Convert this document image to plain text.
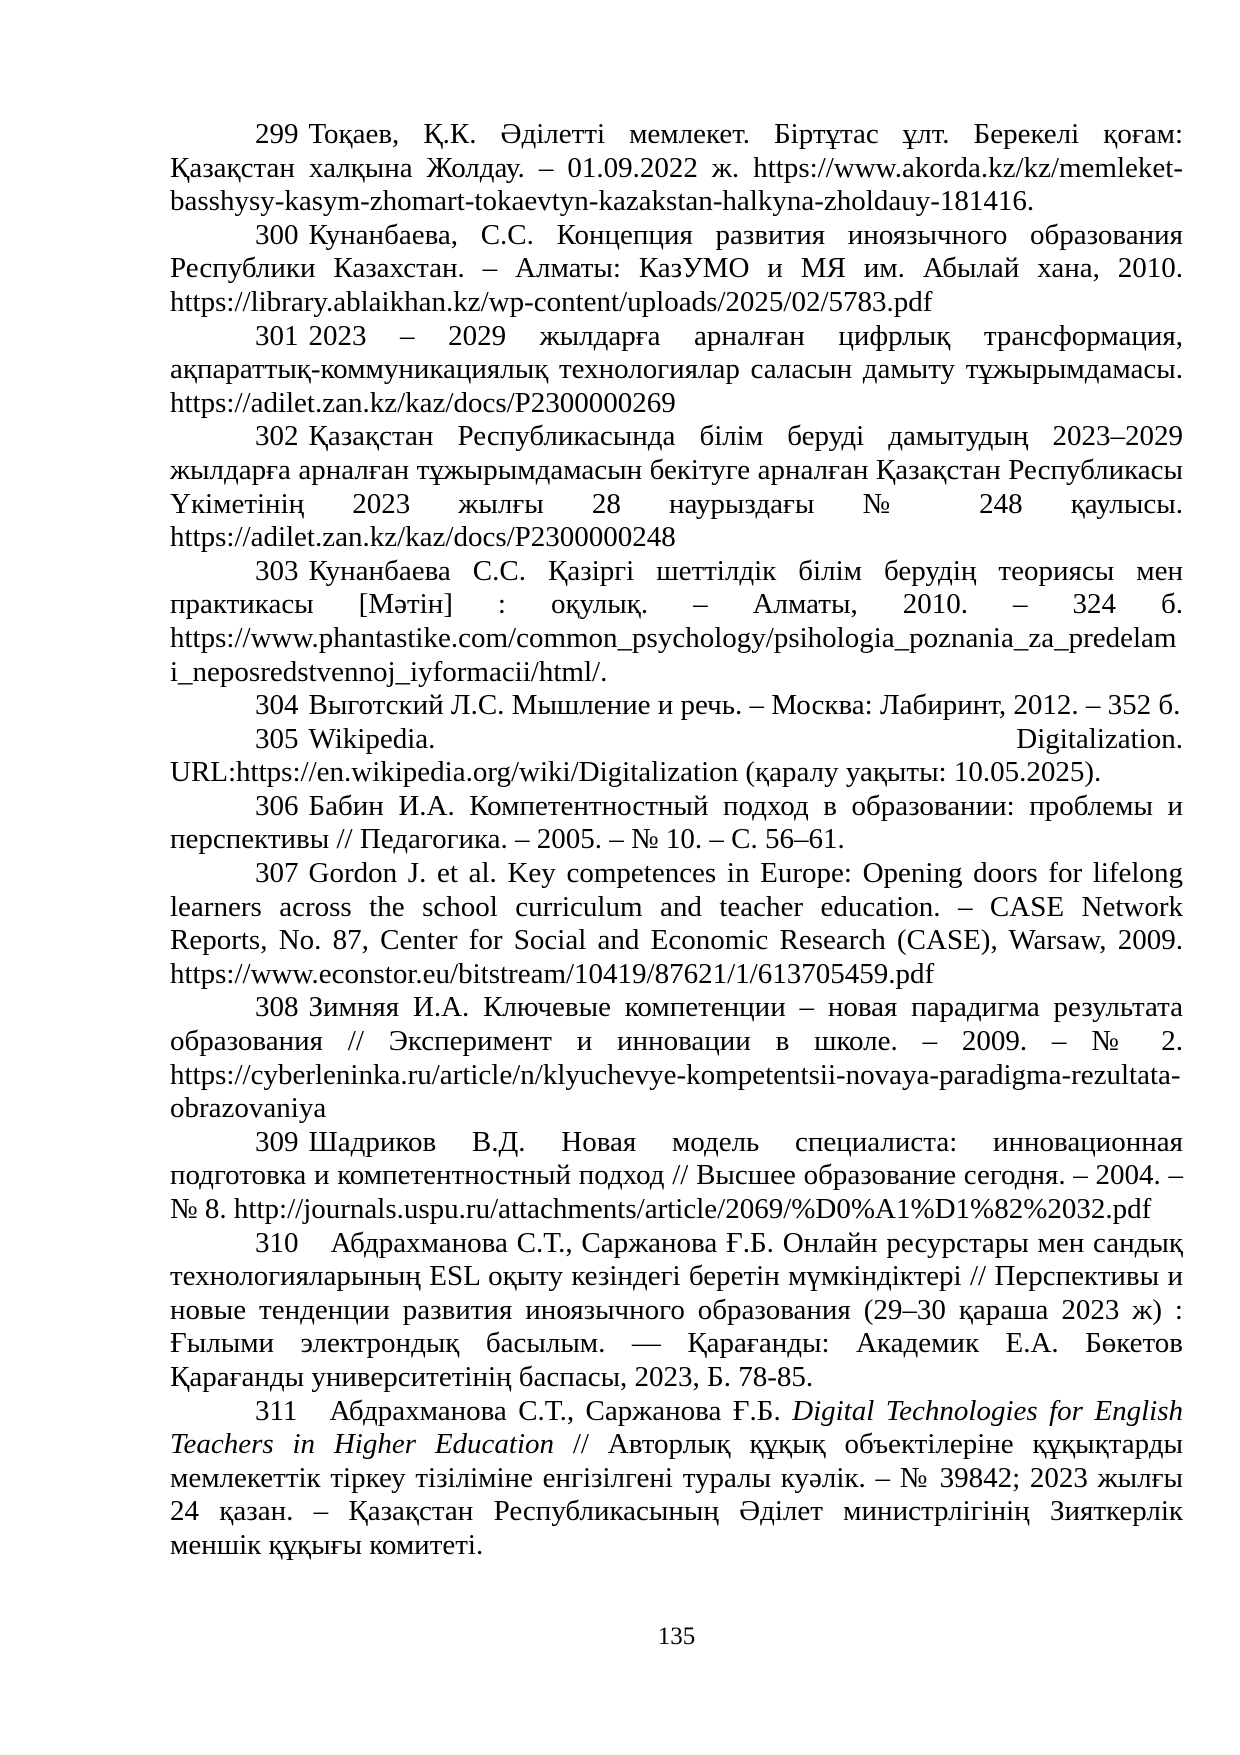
299 Тоқаев, Қ.К. Әділетті мемлекет. Біртұтас ұлт. Берекелі қоғам: Қазақстан халқына Жолдау. – 01.09.2022 ж. https://www.akorda.kz/kz/memleket-basshysy-kasym-zhomart-tokaevtyn-kazakstan-halkyna-zholdauy-181416.

300 Кунанбаева, С.С. Концепция развития иноязычного образования Республики Казахстан. – Алматы: КазУМО и МЯ им. Абылай хана, 2010. https://library.ablaikhan.kz/wp-content/uploads/2025/02/5783.pdf

301 2023 – 2029 жылдарға арналған цифрлық трансформация, ақпараттық-коммуникациялық технологиялар саласын дамыту тұжырымдамасы. https://adilet.zan.kz/kaz/docs/P2300000269

302 Қазақстан Республикасында білім беруді дамытудың 2023–2029 жылдарға арналған тұжырымдамасын бекітуге арналған Қазақстан Республикасы Үкіметінің 2023 жылғы 28 наурыздағы № 248 қаулысы. https://adilet.zan.kz/kaz/docs/P2300000248

303 Кунанбаева С.С. Қазіргі шеттілдік білім берудің теориясы мен практикасы [Мәтін] : оқулық. – Алматы, 2010. – 324 б. https://www.phantastike.com/common_psychology/psihologia_poznania_za_predelami_neposredstvennoj_iyformacii/html/.

304 Выготский Л.С. Мышление и речь. – Москва: Лабиринт, 2012. – 352 б.

305 Wikipedia. Digitalization. URL:https://en.wikipedia.org/wiki/Digitalization (қаралу уақыты: 10.05.2025).

306 Бабин И.А. Компетентностный подход в образовании: проблемы и перспективы // Педагогика. – 2005. – № 10. – С. 56–61.

307 Gordon J. et al. Key competences in Europe: Opening doors for lifelong learners across the school curriculum and teacher education. – CASE Network Reports, No. 87, Center for Social and Economic Research (CASE), Warsaw, 2009. https://www.econstor.eu/bitstream/10419/87621/1/613705459.pdf

308 Зимняя И.А. Ключевые компетенции – новая парадигма результата образования // Эксперимент и инновации в школе. – 2009. – № 2. https://cyberleninka.ru/article/n/klyuchevye-kompetentsii-novaya-paradigma-rezultata-obrazovaniya

309 Шадриков В.Д. Новая модель специалиста: инновационная подготовка и компетентностный подход // Высшее образование сегодня. – 2004. – № 8. http://journals.uspu.ru/attachments/article/2069/%D0%A1%D1%82%2032.pdf

310 Абдрахманова С.Т., Саржанова Ғ.Б. Онлайн ресурстары мен сандық технологияларының ESL оқыту кезіндегі беретін мүмкіндіктері // Перспективы и новые тенденции развития иноязычного образования (29–30 қараша 2023 ж) : Ғылыми электрондық басылым. — Қарағанды: Академик Е.А. Бөкетов Қарағанды университетінің баспасы, 2023, Б. 78-85.

311 Абдрахманова С.Т., Саржанова Ғ.Б. Digital Technologies for English Teachers in Higher Education // Авторлық құқық объектілеріне құқықтарды мемлекеттік тіркеу тізіліміне енгізілгені туралы куәлік. – № 39842; 2023 жылғы 24 қазан. – Қазақстан Республикасының Әділет министрлігінің Зияткерлік меншік құқығы комитеті.

135
